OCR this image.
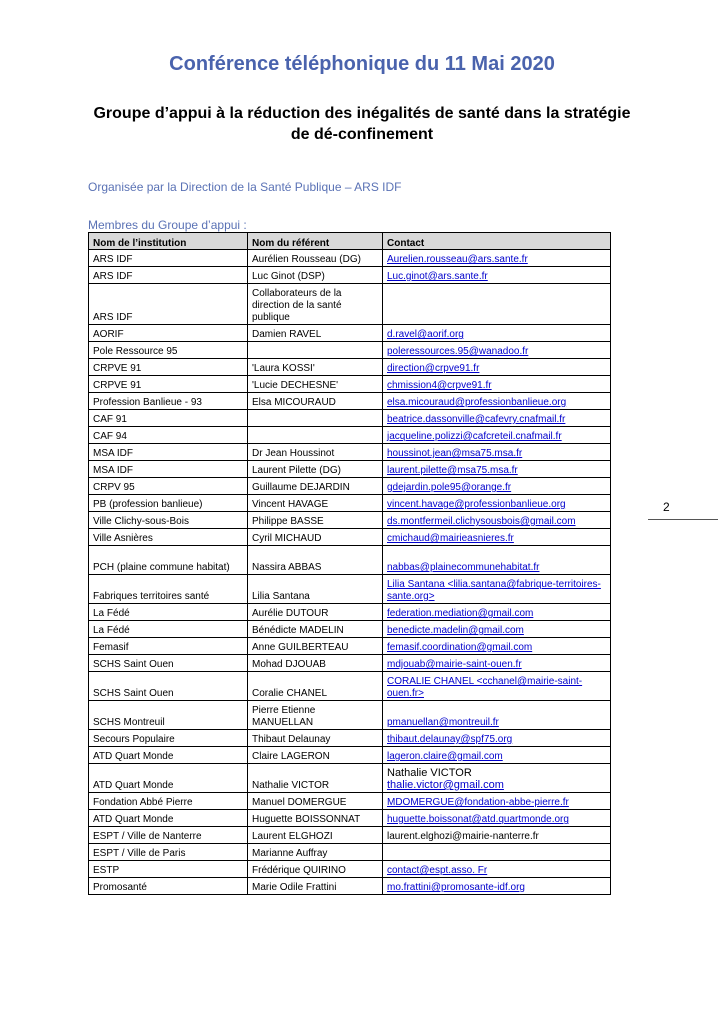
Conférence téléphonique du 11 Mai 2020
Groupe d’appui à la réduction des inégalités de santé dans la stratégie de dé-confinement
Organisée par la Direction de la Santé Publique – ARS IDF
Membres du Groupe d’appui :
Nom de l’institution	Nom du référent	Contact
ARS IDF	Aurélien Rousseau (DG)	Aurelien.rousseau@ars.sante.fr
ARS IDF	Luc Ginot (DSP)	Luc.ginot@ars.sante.fr
ARS IDF	Collaborateurs de la direction de la santé publique	
AORIF	Damien RAVEL	d.ravel@aorif.org
Pole Ressource 95		poleressources.95@wanadoo.fr
CRPVE 91	'Laura KOSSI'	direction@crpve91.fr
CRPVE 91	'Lucie DECHESNE'	chmission4@crpve91.fr
Profession Banlieue - 93	Elsa MICOURAUD	elsa.micouraud@professionbanlieue.org
CAF 91		beatrice.dassonville@cafevry.cnafmail.fr
CAF 94		jacqueline.polizzi@cafcreteil.cnafmail.fr
MSA IDF	Dr Jean Houssinot	houssinot.jean@msa75.msa.fr
MSA IDF	Laurent Pilette (DG)	laurent.pilette@msa75.msa.fr
CRPV 95	Guillaume DEJARDIN	gdejardin.pole95@orange.fr
PB (profession banlieue)	Vincent HAVAGE	vincent.havage@professionbanlieue.org
Ville Clichy-sous-Bois	Philippe BASSE	ds.montfermeil.clichysousbois@gmail.com
Ville Asnières	Cyril MICHAUD	cmichaud@mairieasnieres.fr
PCH (plaine commune habitat)	Nassira ABBAS	nabbas@plainecommunehabitat.fr
Fabriques territoires santé	Lilia Santana	Lilia Santana <lilia.santana@fabrique-territoires-sante.org>
La Fédé	Aurélie DUTOUR	federation.mediation@gmail.com
La Fédé	Bénédicte MADELIN	benedicte.madelin@gmail.com
Femasif	Anne GUILBERTEAU	femasif.coordination@gmail.com
SCHS Saint Ouen	Mohad DJOUAB	mdjouab@mairie-saint-ouen.fr
SCHS Saint Ouen	Coralie CHANEL	CORALIE CHANEL <cchanel@mairie-saint-ouen.fr>
SCHS Montreuil	Pierre Etienne MANUELLAN	pmanuellan@montreuil.fr
Secours Populaire	Thibaut Delaunay	thibaut.delaunay@spf75.org
ATD Quart Monde	Claire LAGERON	lageron.claire@gmail.com
ATD Quart Monde	Nathalie VICTOR	Nathalie VICTOR
thalie.victor@gmail.com
Fondation Abbé Pierre	Manuel DOMERGUE	MDOMERGUE@fondation-abbe-pierre.fr
ATD Quart Monde	Huguette BOISSONNAT	huguette.boissonat@atd.quartmonde.org
ESPT / Ville de Nanterre	Laurent ELGHOZI	laurent.elghozi@mairie-nanterre.fr
ESPT / Ville de Paris	Marianne Auffray	
ESTP	Frédérique QUIRINO	contact@espt.asso. Fr
Promosanté	Marie Odile Frattini	mo.frattini@promosante-idf.org
2
